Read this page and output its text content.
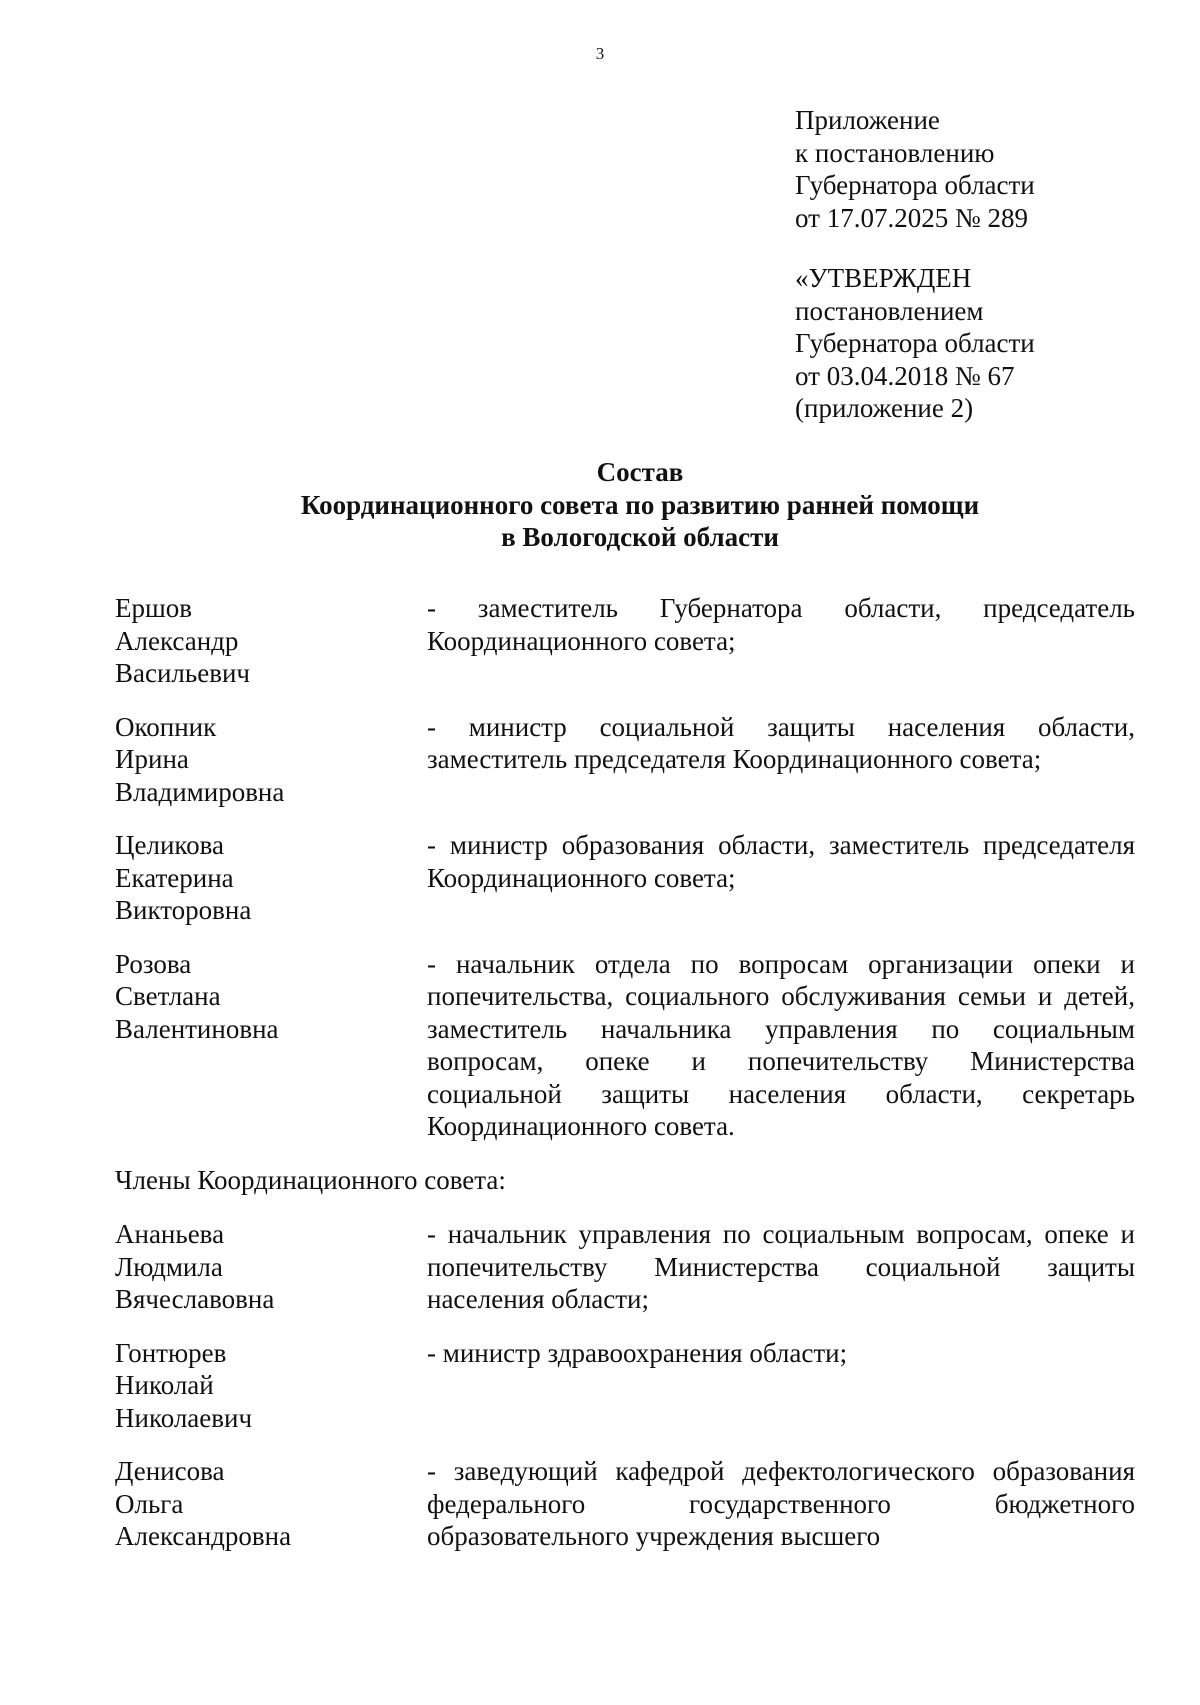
3
Приложение
к постановлению
Губернатора области
от 17.07.2025 № 289
«УТВЕРЖДЕН
постановлением
Губернатора области
от 03.04.2018 № 67
(приложение 2)
Состав
Координационного совета по развитию ранней помощи
в Вологодской области
Ершов
Александр
Васильевич
- заместитель Губернатора области, председатель Координационного совета;
Окопник
Ирина
Владимировна
- министр социальной защиты населения области, заместитель председателя Координационного совета;
Целикова
Екатерина
Викторовна
- министр образования области, заместитель председателя Координационного совета;
Розова
Светлана
Валентиновна
- начальник отдела по вопросам организации опеки и попечительства, социального обслуживания семьи и детей, заместитель начальника управления по социальным вопросам, опеке и попечительству Министерства социальной защиты населения области, секретарь Координационного совета.
Члены Координационного совета:
Ананьева
Людмила
Вячеславовна
- начальник управления по социальным вопросам, опеке и попечительству Министерства социальной защиты населения области;
Гонтюрев
Николай
Николаевич
- министр здравоохранения области;
Денисова
Ольга
Александровна
- заведующий кафедрой дефектологического образования федерального государственного бюджетного образовательного учреждения высшего
